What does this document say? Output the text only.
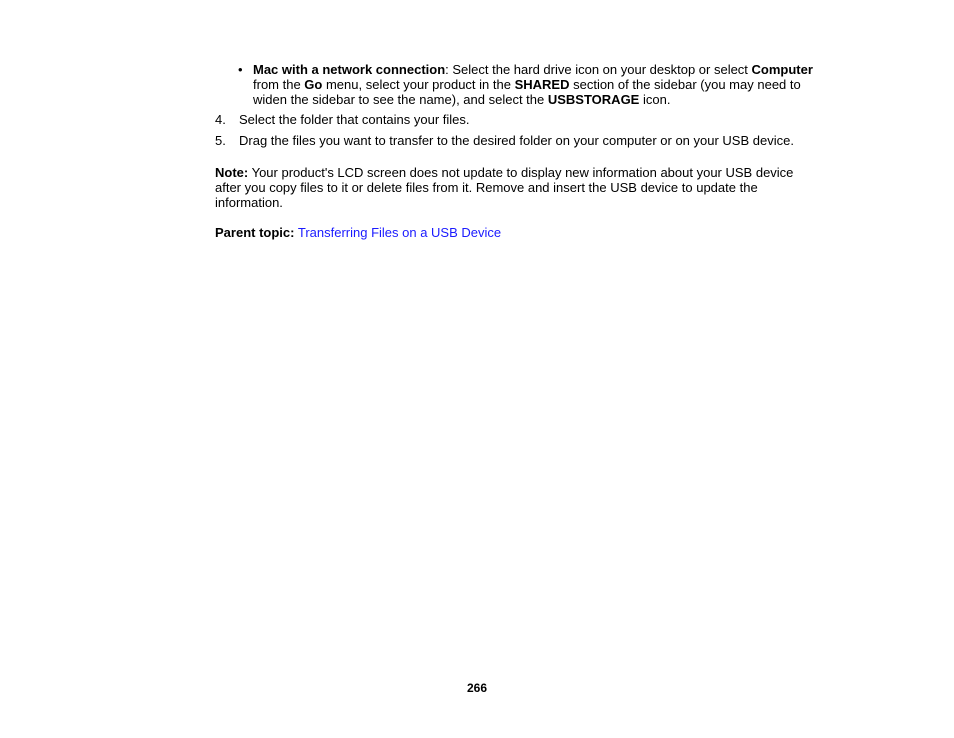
• Mac with a network connection: Select the hard drive icon on your desktop or select Computer from the Go menu, select your product in the SHARED section of the sidebar (you may need to widen the sidebar to see the name), and select the USBSTORAGE icon.
4. Select the folder that contains your files.
5. Drag the files you want to transfer to the desired folder on your computer or on your USB device.
Note: Your product's LCD screen does not update to display new information about your USB device after you copy files to it or delete files from it. Remove and insert the USB device to update the information.
Parent topic: Transferring Files on a USB Device
266
